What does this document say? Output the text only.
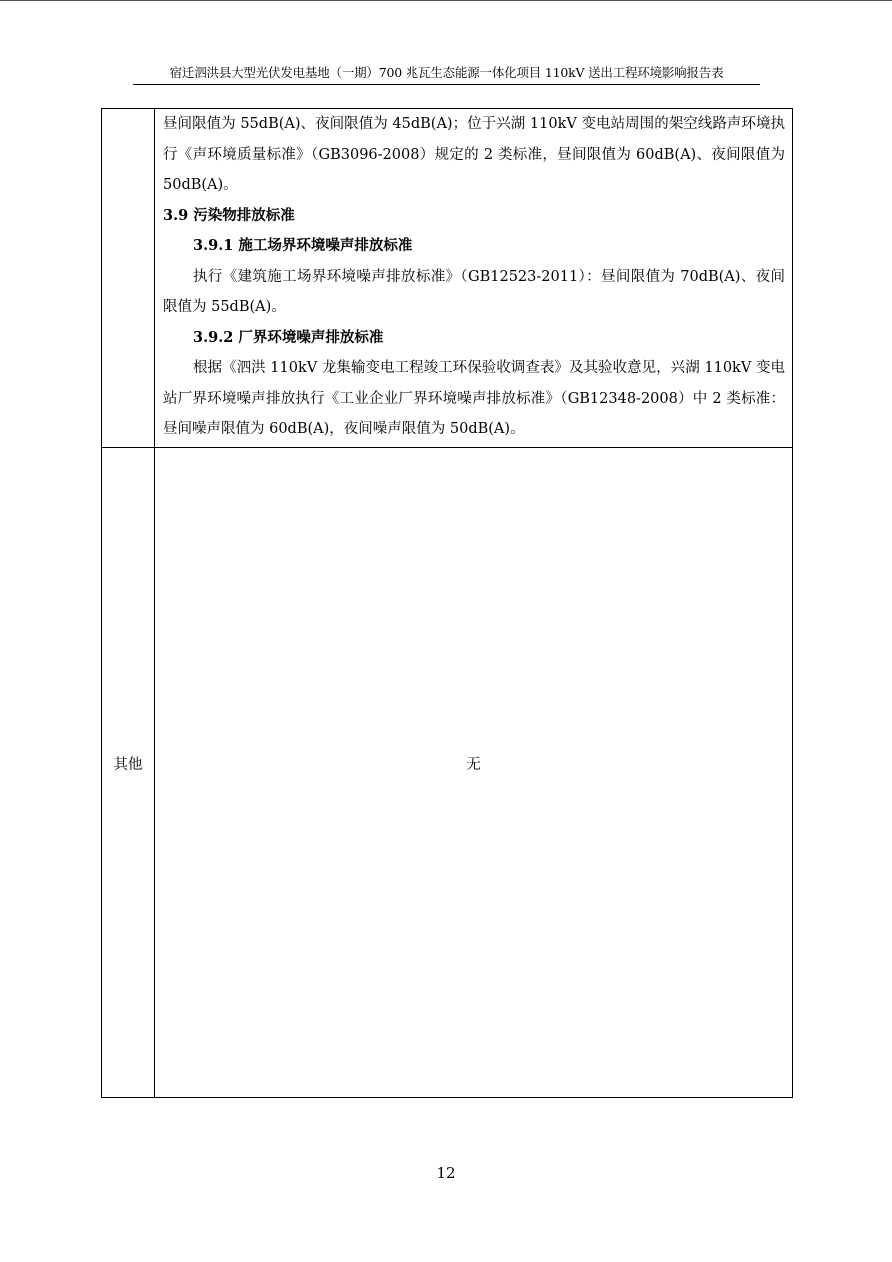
宿迁泗洪县大型光伏发电基地（一期）700 兆瓦生态能源一体化项目 110kV 送出工程环境影响报告表

昼间限值为 55dB(A)、夜间限值为 45dB(A)；位于兴湖 110kV 变电站周围的架空线路声环境执行《声环境质量标准》（GB3096-2008）规定的 2 类标准，昼间限值为 60dB(A)、夜间限值为 50dB(A)。

3.9 污染物排放标准

3.9.1 施工场界环境噪声排放标准

执行《建筑施工场界环境噪声排放标准》（GB12523-2011）：昼间限值为 70dB(A)、夜间限值为 55dB(A)。

3.9.2 厂界环境噪声排放标准

根据《泗洪 110kV 龙集输变电工程竣工环保验收调查表》及其验收意见，兴湖 110kV 变电站厂界环境噪声排放执行《工业企业厂界环境噪声排放标准》（GB12348-2008）中 2 类标准：昼间噪声限值为 60dB(A)，夜间噪声限值为 50dB(A)。

其他	无
12
